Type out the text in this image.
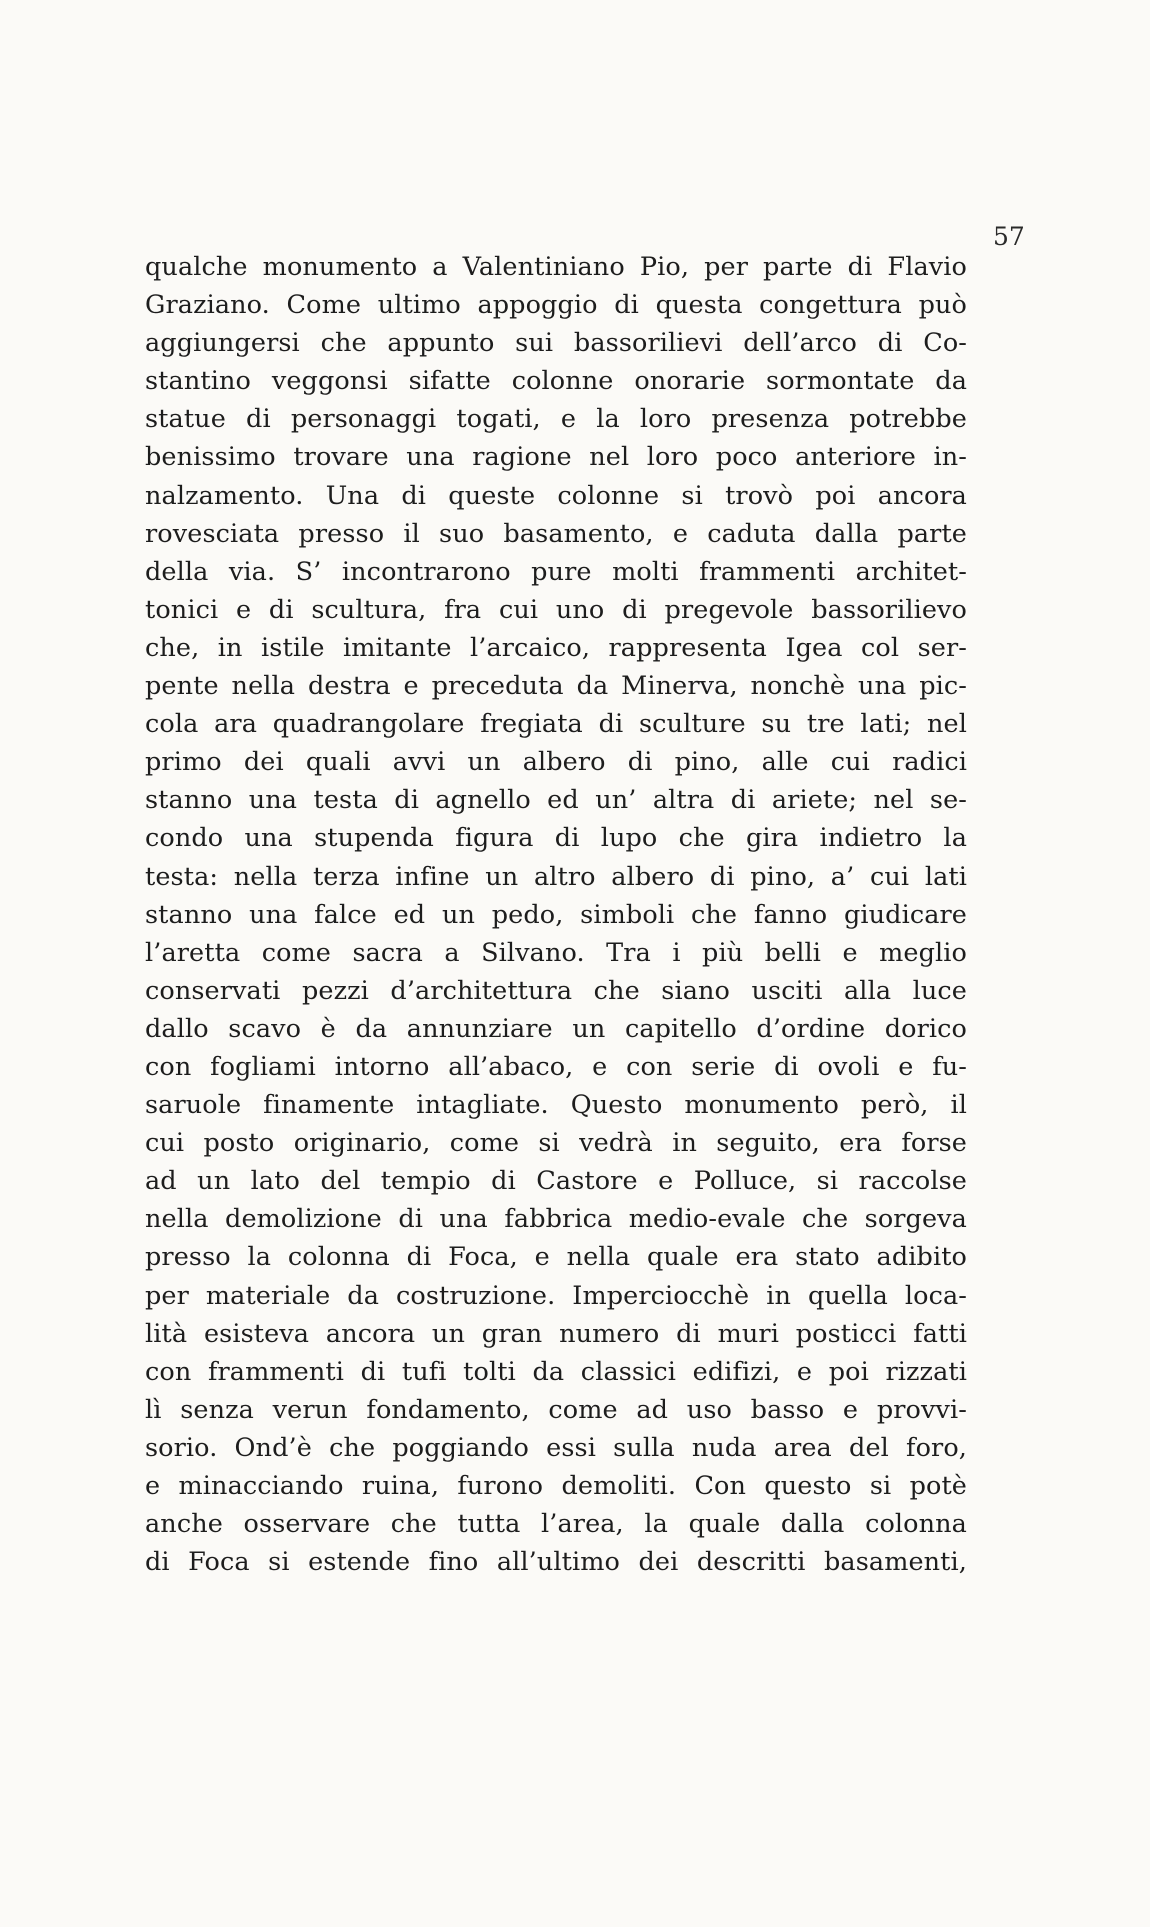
57
qualche monumento a Valentiniano Pio, per parte di Flavio
Graziano. Come ultimo appoggio di questa congettura può
aggiungersi che appunto sui bassorilievi dell’arco di Co-
stantino veggonsi sifatte colonne onorarie sormontate da
statue di personaggi togati, e la loro presenza potrebbe
benissimo trovare una ragione nel loro poco anteriore in-
nalzamento. Una di queste colonne si trovò poi ancora
rovesciata presso il suo basamento, e caduta dalla parte
della via. S’ incontrarono pure molti frammenti architet-
tonici e di scultura, fra cui uno di pregevole bassorilievo
che, in istile imitante l’arcaico, rappresenta Igea col ser-
pente nella destra e preceduta da Minerva, nonchè una pic-
cola ara quadrangolare fregiata di sculture su tre lati; nel
primo dei quali avvi un albero di pino, alle cui radici
stanno una testa di agnello ed un’ altra di ariete; nel se-
condo una stupenda figura di lupo che gira indietro la
testa: nella terza infine un altro albero di pino, a’ cui lati
stanno una falce ed un pedo, simboli che fanno giudicare
l’aretta come sacra a Silvano. Tra i più belli e meglio
conservati pezzi d’architettura che siano usciti alla luce
dallo scavo è da annunziare un capitello d’ordine dorico
con fogliami intorno all’abaco, e con serie di ovoli e fu-
saruole finamente intagliate. Questo monumento però, il
cui posto originario, come si vedrà in seguito, era forse
ad un lato del tempio di Castore e Polluce, si raccolse
nella demolizione di una fabbrica medio-evale che sorgeva
presso la colonna di Foca, e nella quale era stato adibito
per materiale da costruzione. Imperciocchè in quella loca-
lità esisteva ancora un gran numero di muri posticci fatti
con frammenti di tufi tolti da classici edifizi, e poi rizzati
lì senza verun fondamento, come ad uso basso e provvi-
sorio. Ond’è che poggiando essi sulla nuda area del foro,
e minacciando ruina, furono demoliti. Con questo si potè
anche osservare che tutta l’area, la quale dalla colonna
di Foca si estende fino all’ultimo dei descritti basamenti,
